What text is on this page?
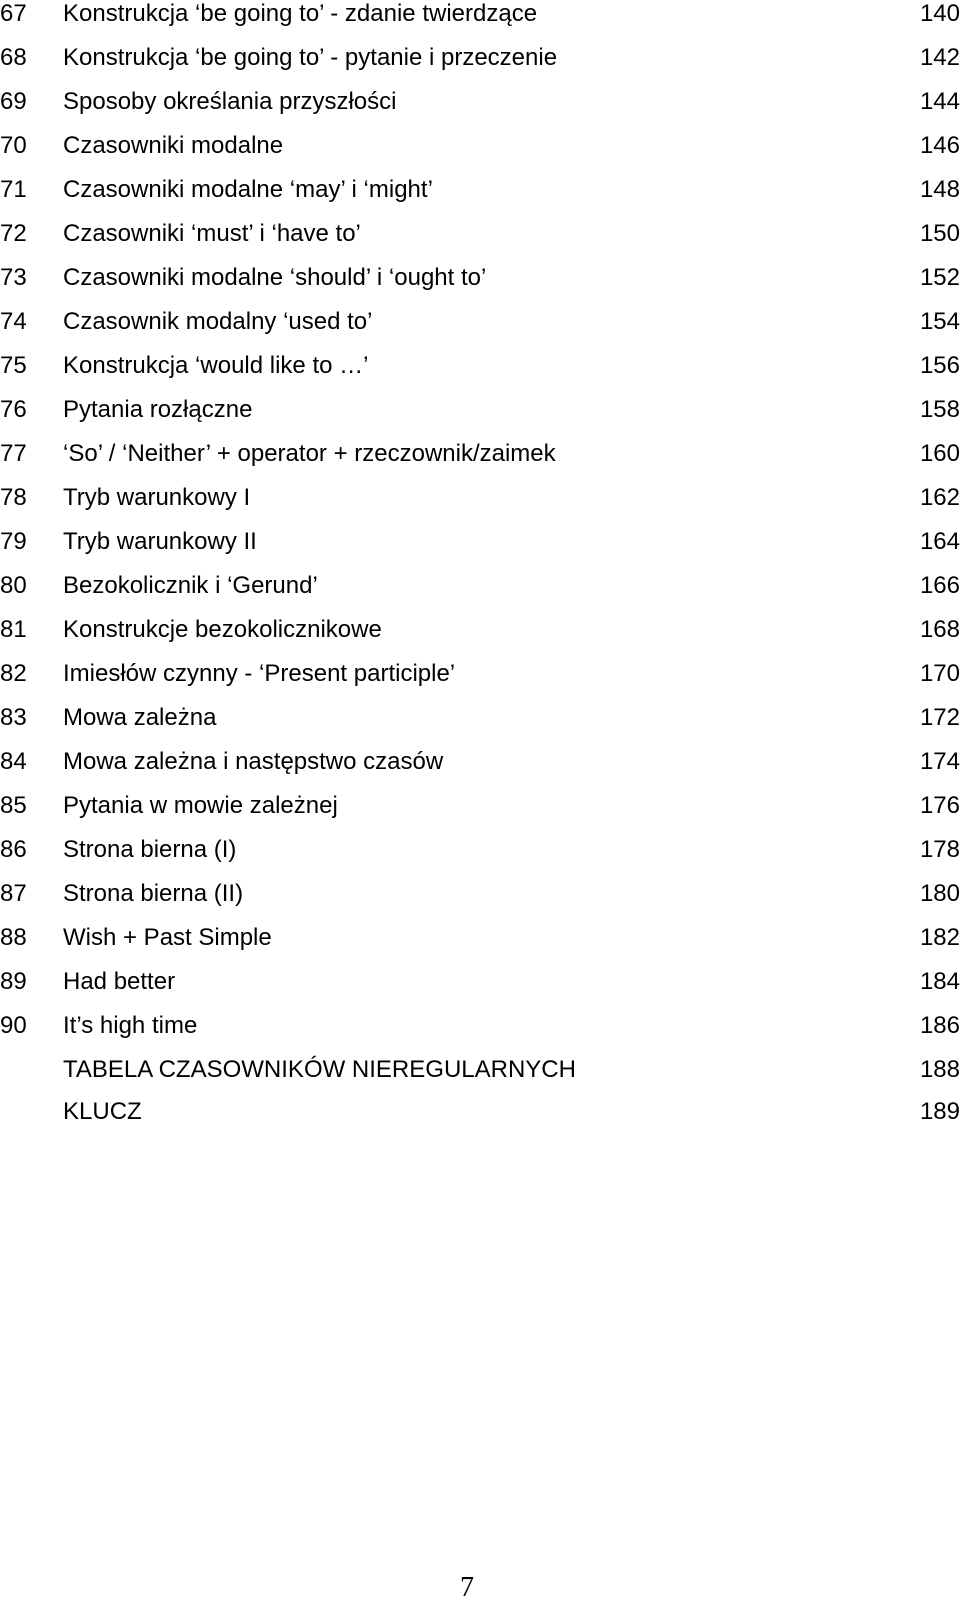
67	Konstrukcja ‘be going to’ - zdanie twierdzące	140
68	Konstrukcja ‘be going to’ - pytanie i przeczenie	142
69	Sposoby określania przyszłości	144
70	Czasowniki modalne	146
71	Czasowniki modalne ‘may’ i ‘might’	148
72	Czasowniki ‘must’ i ‘have to’	150
73	Czasowniki modalne ‘should’ i ‘ought to’	152
74	Czasownik modalny ‘used to’	154
75	Konstrukcja ‘would like to …’	156
76	Pytania rozłączne	158
77	‘So’ / ‘Neither’ + operator + rzeczownik/zaimek	160
78	Tryb warunkowy I	162
79	Tryb warunkowy II	164
80	Bezokolicznik i ‘Gerund’	166
81	Konstrukcje bezokolicznikowe	168
82	Imiesłów czynny - ‘Present participle’	170
83	Mowa zależna	172
84	Mowa zależna i następstwo czasów	174
85	Pytania w mowie zależnej	176
86	Strona bierna (I)	178
87	Strona bierna (II)	180
88	Wish + Past Simple	182
89	Had better	184
90	It’s high time	186
TABELA CZASOWNIKÓW NIEREGULARNYCH	188
KLUCZ	189
7
